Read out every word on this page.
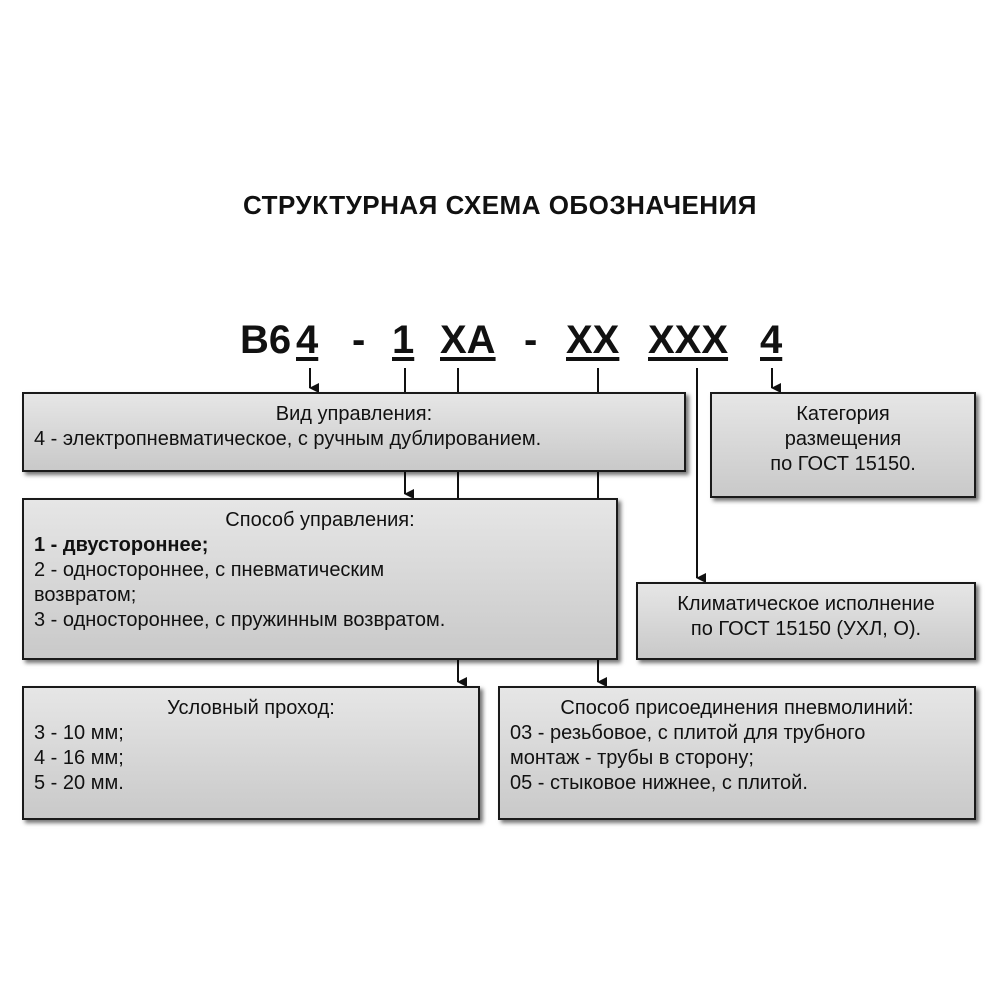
СТРУКТУРНАЯ СХЕМА ОБОЗНАЧЕНИЯ
В6 4 - 1 ХА - ХХ ХХХ 4
Вид управления:
4 - электропневматическое, с ручным дублированием.
Категория
размещения
по ГОСТ 15150.
Способ управления:
1 - двустороннее;
2 - одностороннее, с пневматическим
возвратом;
3 - одностороннее, с пружинным возвратом.
Климатическое исполнение
по ГОСТ 15150 (УХЛ, О).
Условный проход:
3 - 10 мм;
4 - 16 мм;
5 - 20 мм.
Способ присоединения пневмолиний:
03 - резьбовое, с плитой для трубного
монтаж - трубы в сторону;
05 - стыковое нижнее, с плитой.
